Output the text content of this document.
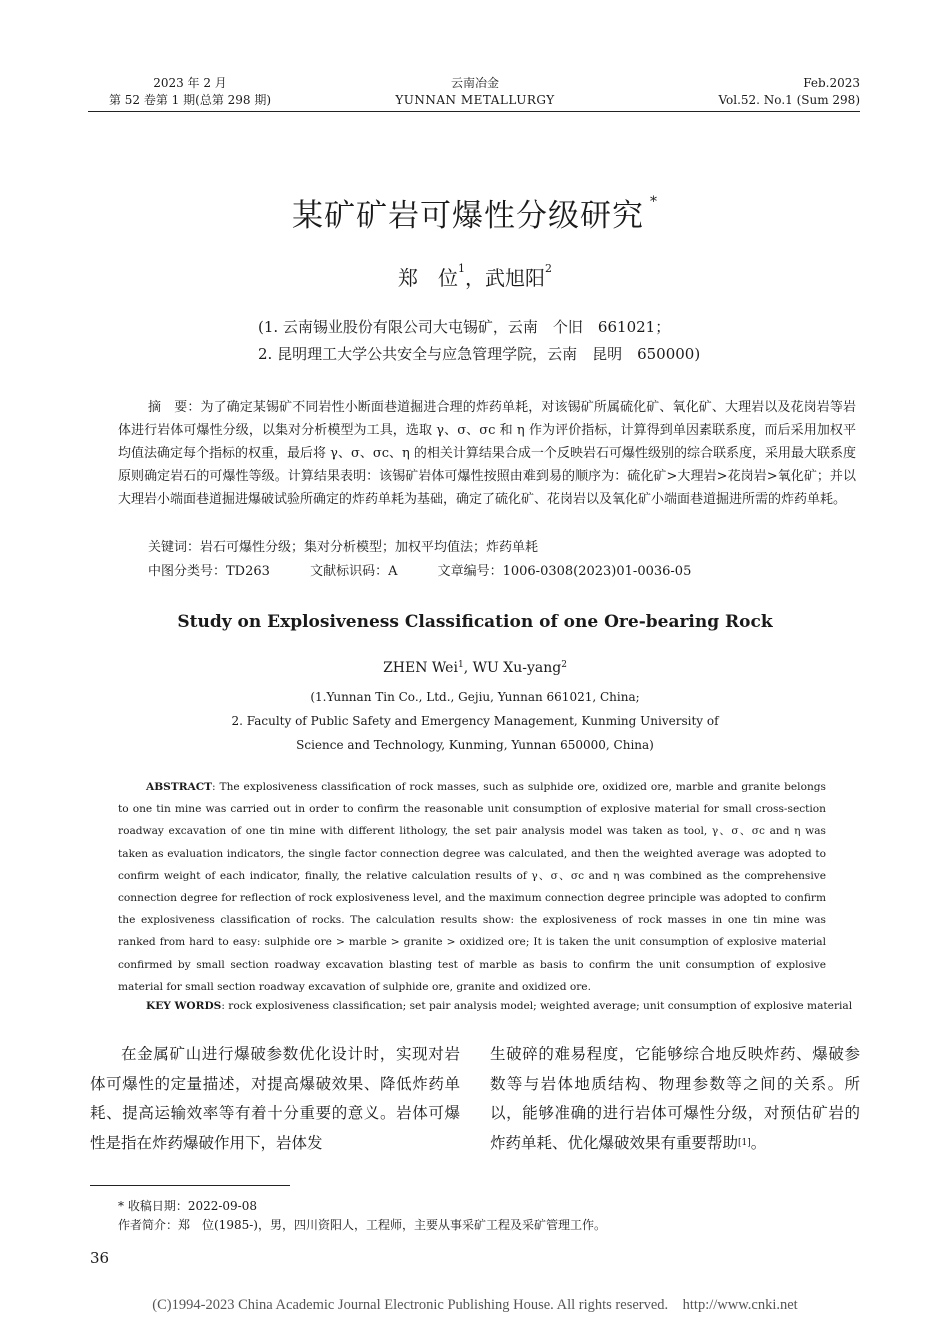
2023 年 2 月
第 52 卷第 1 期(总第 298 期)
云南冶金
YUNNAN METALLURGY
Feb.2023
Vol.52. No.1 (Sum 298)
某矿矿岩可爆性分级研究 *
郑　位$^1$，武旭阳$^2$
(1. 云南锡业股份有限公司大屯锡矿，云南　个旧　661021；
2. 昆明理工大学公共安全与应急管理学院，云南　昆明　650000)
摘　要：为了确定某锡矿不同岩性小断面巷道掘进合理的炸药单耗，对该锡矿所属硫化矿、氧化矿、大理岩以及花岗岩等岩体进行岩体可爆性分级，以集对分析模型为工具，选取 γ、σ、σc 和 η 作为评价指标，计算得到单因素联系度，而后采用加权平均值法确定每个指标的权重，最后将 γ、σ、σc、η 的相关计算结果合成一个反映岩石可爆性级别的综合联系度，采用最大联系度原则确定岩石的可爆性等级。计算结果表明：该锡矿岩体可爆性按照由难到易的顺序为：硫化矿>大理岩>花岗岩>氧化矿；并以大理岩小端面巷道掘进爆破试验所确定的炸药单耗为基础，确定了硫化矿、花岗岩以及氧化矿小端面巷道掘进所需的炸药单耗。
关键词：岩石可爆性分级；集对分析模型；加权平均值法；炸药单耗
中图分类号：TD263	文献标识码：A	文章编号：1006-0308(2023)01-0036-05
Study on Explosiveness Classification of one Ore-bearing Rock
ZHEN Wei$^1$, WU Xu-yang$^2$
(1.Yunnan Tin Co., Ltd., Gejiu, Yunnan 661021, China;
2. Faculty of Public Safety and Emergency Management, Kunming University of
Science and Technology, Kunming, Yunnan 650000, China)
ABSTRACT: The explosiveness classification of rock masses, such as sulphide ore, oxidized ore, marble and granite belongs to one tin mine was carried out in order to confirm the reasonable unit consumption of explosive material for small cross-section roadway excavation of one tin mine with different lithology, the set pair analysis model was taken as tool, γ、σ、σc and η was taken as evaluation indicators, the single factor connection degree was calculated, and then the weighted average was adopted to confirm weight of each indicator, finally, the relative calculation results of γ、σ、σc and η was combined as the comprehensive connection degree for reflection of rock explosiveness level, and the maximum connection degree principle was adopted to confirm the explosiveness classification of rocks. The calculation results show: the explosiveness of rock masses in one tin mine was ranked from hard to easy: sulphide ore > marble > granite > oxidized ore; It is taken the unit consumption of explosive material confirmed by small section roadway excavation blasting test of marble as basis to confirm the unit consumption of explosive material for small section roadway excavation of sulphide ore, granite and oxidized ore.
KEY WORDS: rock explosiveness classification; set pair analysis model; weighted average; unit consumption of explosive material
在金属矿山进行爆破参数优化设计时，实现对岩体可爆性的定量描述，对提高爆破效果、降低炸药单耗、提高运输效率等有着十分重要的意义。岩体可爆性是指在炸药爆破作用下，岩体发
生破碎的难易程度，它能够综合地反映炸药、爆破参数等与岩体地质结构、物理参数等之间的关系。所以，能够准确的进行岩体可爆性分级，对预估矿岩的炸药单耗、优化爆破效果有重要帮助[1]。
* 收稿日期：2022-09-08
作者简介：郑　位(1985-)，男，四川资阳人，工程师，主要从事采矿工程及采矿管理工作。
36
(C)1994-2023 China Academic Journal Electronic Publishing House. All rights reserved.    http://www.cnki.net
